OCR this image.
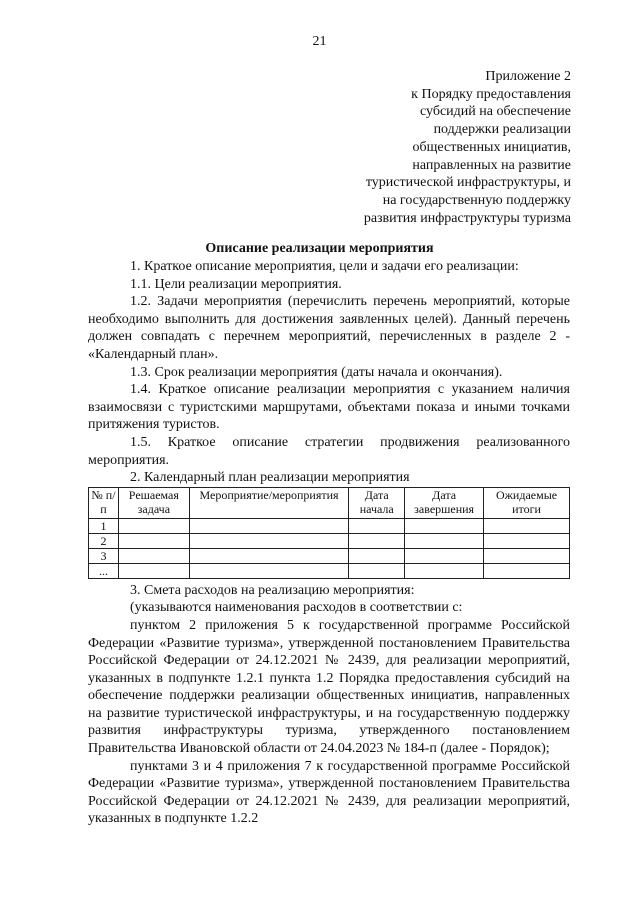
21
Приложение 2
к Порядку предоставления
субсидий на обеспечение
поддержки реализации
общественных инициатив,
направленных на развитие
туристической инфраструктуры, и
на государственную поддержку
развития инфраструктуры туризма
Описание реализации мероприятия

1. Краткое описание мероприятия, цели и задачи его реализации:

1.1. Цели реализации мероприятия.

1.2. Задачи мероприятия (перечислить перечень мероприятий, которые необходимо выполнить для достижения заявленных целей). Данный перечень должен совпадать с перечнем мероприятий, перечисленных в разделе 2 - «Календарный план».

1.3. Срок реализации мероприятия (даты начала и окончания).

1.4. Краткое описание реализации мероприятия с указанием наличия взаимосвязи с туристскими маршрутами, объектами показа и иными точками притяжения туристов.

1.5. Краткое описание стратегии продвижения реализованного мероприятия.

2. Календарный план реализации мероприятия

№ п/п	Решаемая задача	Мероприятие/мероприятия	Дата начала	Дата завершения	Ожидаемые итоги
1					
2					
3					
...					

3. Смета расходов на реализацию мероприятия:

(указываются наименования расходов в соответствии с:

пунктом 2 приложения 5 к государственной программе Российской Федерации «Развитие туризма», утвержденной постановлением Правительства Российской Федерации от 24.12.2021 № 2439, для реализации мероприятий, указанных в подпункте 1.2.1 пункта 1.2 Порядка предоставления субсидий на обеспечение поддержки реализации общественных инициатив, направленных на развитие туристической инфраструктуры, и на государственную поддержку развития инфраструктуры туризма, утвержденного постановлением Правительства Ивановской области от 24.04.2023 № 184-п (далее - Порядок);

пунктами 3 и 4 приложения 7 к государственной программе Российской Федерации «Развитие туризма», утвержденной постановлением Правительства Российской Федерации от 24.12.2021 № 2439, для реализации мероприятий, указанных в подпункте 1.2.2
